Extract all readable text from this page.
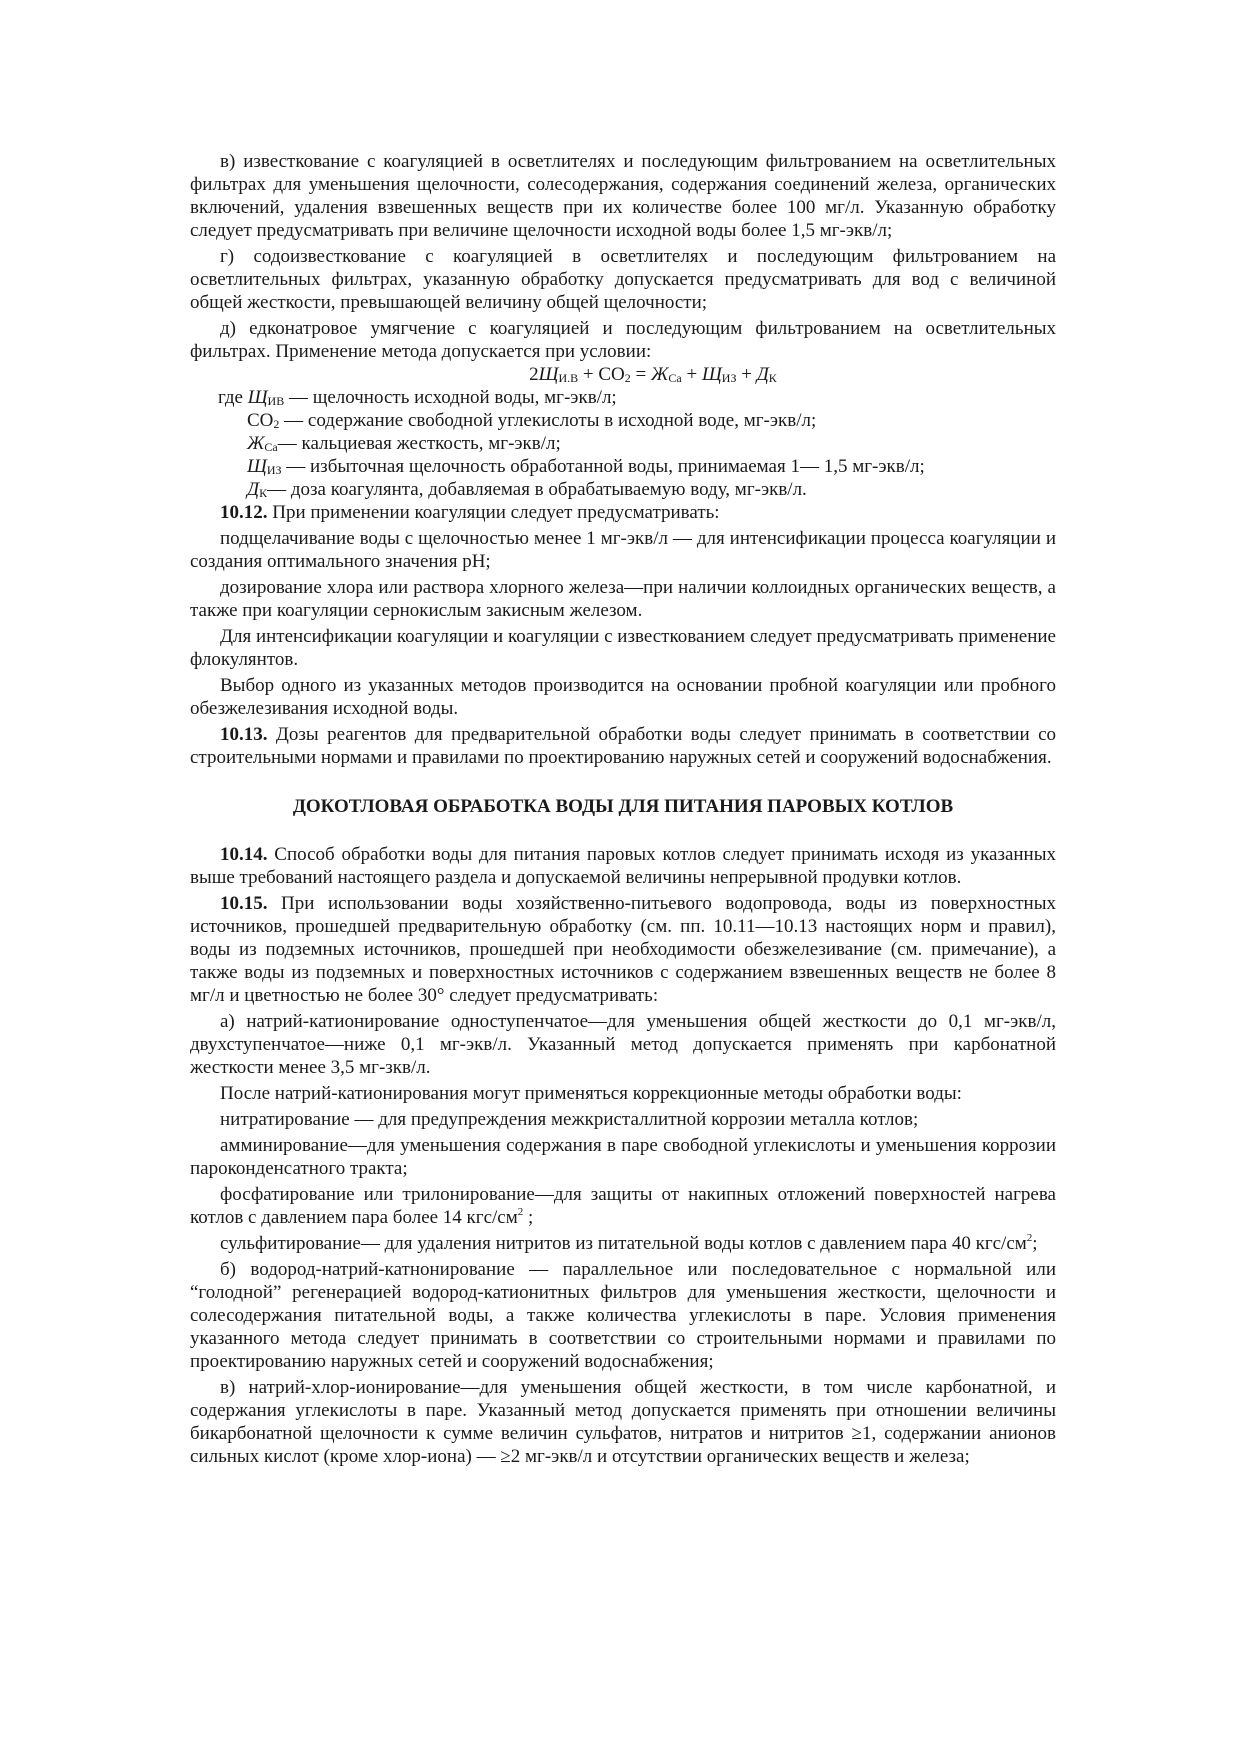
в) известкование с коагуляцией в осветлителях и последующим фильтрованием на осветлительных фильтрах для уменьшения щелочности, солесодержания, содержания соединений железа, органических включений, удаления взвешенных веществ при их количестве более 100 мг/л. Указанную обработку следует предусматривать при величине щелочности исходной воды более 1,5 мг-экв/л;

г) содоизвесткование с коагуляцией в осветлителях и последующим фильтрованием на осветлительных фильтрах, указанную обработку допускается предусматривать для вод с величиной общей жесткости, превышающей величину общей щелочности;

д) едконатровое умягчение с коагуляцией и последующим фильтрованием на осветлительных фильтрах. Применение метода допускается при условии:

$2Щ_{И.В} + СО_2 = Ж_{Са} + Щ_{ИЗ} + Д_К$

где $Щ_{ИВ}$ — щелочность исходной воды, мг-экв/л;

$СО_2$ — содержание свободной углекислоты в исходной воде, мг-экв/л;

$Ж_{Са}—$ кальциевая жесткость, мг-экв/л;

$Щ_{ИЗ}$ — избыточная щелочность обработанной воды, принимаемая 1— 1,5 мг-экв/л;

$Д_К—$ доза коагулянта, добавляемая в обрабатываемую воду, мг-экв/л.

10.12. При применении коагуляции следует предусматривать:

подщелачивание воды с щелочностью менее 1 мг-экв/л — для интенсификации процесса коагуляции и создания оптимального значения рН;

дозирование хлора или раствора хлорного железа—при наличии коллоидных органических веществ, а также при коагуляции сернокислым закисным железом.

Для интенсификации коагуляции и коагуляции с известкованием следует предусматривать применение флокулянтов.

Выбор одного из указанных методов производится на основании пробной коагуляции или пробного обезжелезивания исходной воды.

10.13. Дозы реагентов для предварительной обработки воды следует принимать в соответствии со строительными нормами и правилами по проектированию наружных сетей и сооружений водоснабжения.

ДОКОТЛОВАЯ ОБРАБОТКА ВОДЫ ДЛЯ ПИТАНИЯ ПАРОВЫХ КОТЛОВ

10.14. Способ обработки воды для питания паровых котлов следует принимать исходя из указанных выше требований настоящего раздела и допускаемой величины непрерывной продувки котлов.

10.15. При использовании воды хозяйственно-питьевого водопровода, воды из поверхностных источников, прошедшей предварительную обработку (см. пп. 10.11—10.13 настоящих норм и правил), воды из подземных источников, прошедшей при необходимости обезжелезивание (см. примечание), а также воды из подземных и поверхностных источников с содержанием взвешенных веществ не более 8 мг/л и цветностью не более 30° следует предусматривать:

а) натрий-катионирование одноступенчатое—для уменьшения общей жесткости до 0,1 мг-экв/л, двухступенчатое—ниже 0,1 мг-экв/л. Указанный метод допускается применять при карбонатной жесткости менее 3,5 мг-зкв/л.

После натрий-катионирования могут применяться коррекционные методы обработки воды:

нитратирование — для предупреждения межкристаллитной коррозии металла котлов;

амминирование—для уменьшения содержания в паре свободной углекислоты и уменьшения коррозии пароконденсатного тракта;

фосфатирование или трилонирование—для защиты от накипных отложений поверхностей нагрева котлов с давлением пара более 14 кгс/$см^2$ ;

сульфитирование— для удаления нитритов из питательной воды котлов с давлением пара 40 кгс/$см^2$;

б) водород-натрий-катнонирование — параллельное или последовательное с нормальной или “голодной” регенерацией водород-катионитных фильтров для уменьшения жесткости, щелочности и солесодержания питательной воды, а также количества углекислоты в паре. Условия применения указанного метода следует принимать в соответствии со строительными нормами и правилами по проектированию наружных сетей и сооружений водоснабжения;

в) натрий-хлор-ионирование—для уменьшения общей жесткости, в том числе карбонатной, и содержания углекислоты в паре. Указанный метод допускается применять при отношении величины бикарбонатной щелочности к сумме величин сульфатов, нитратов и нитритов ≥1, содержании анионов сильных кислот (кроме хлор-иона) — ≥2 мг-экв/л и отсутствии органических веществ и железа;
